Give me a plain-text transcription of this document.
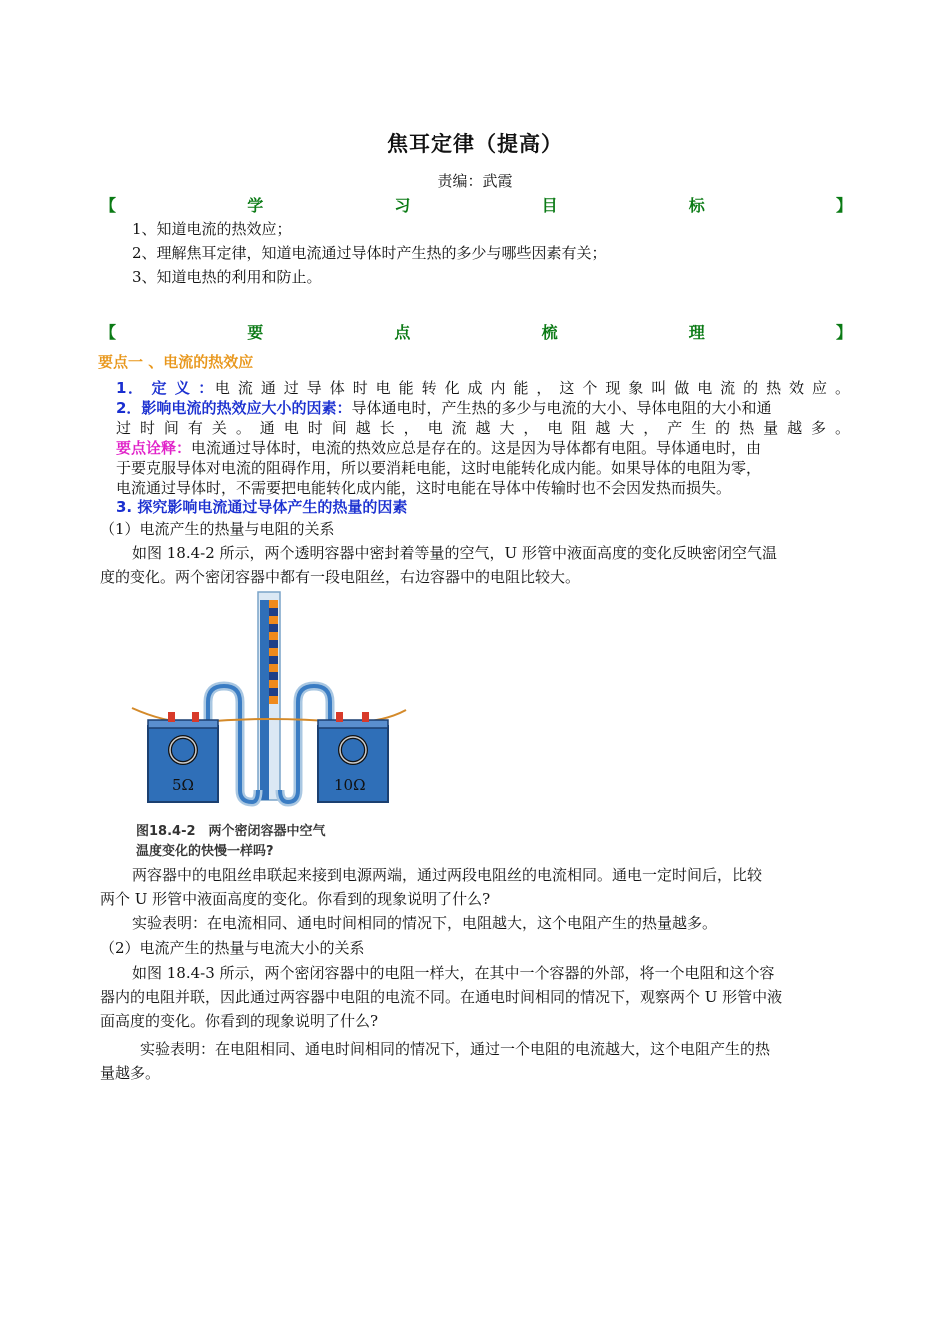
焦耳定律（提高）
责编：武霞
【	学	习	目	标	】
1、知道电流的热效应；
2、理解焦耳定律，知道电流通过导体时产生热的多少与哪些因素有关；
3、知道电热的利用和防止。
【	要	点	梳	理	】
要点一 、电流的热效应
1． 定 义 ：电 流 通 过 导 体 时 电 能 转 化 成 内 能 ， 这 个 现 象 叫 做 电 流 的 热 效 应 。
2．影响电流的热效应大小的因素：导体通电时，产生热的多少与电流的大小、导体电阻的大小和通
过 时 间 有 关 。 通 电 时 间 越 长 ， 电 流 越 大 ， 电 阻 越 大 ， 产 生 的 热 量 越 多 。
要点诠释：电流通过导体时，电流的热效应总是存在的。这是因为导体都有电阻。导体通电时，由
于要克服导体对电流的阻碍作用，所以要消耗电能，这时电能转化成内能。如果导体的电阻为零，
电流通过导体时，不需要把电能转化成内能，这时电能在导体中传输时也不会因发热而损失。
3. 探究影响电流通过导体产生的热量的因素
（1）电流产生的热量与电阻的关系
如图 18.4-2 所示，两个透明容器中密封着等量的空气，U 形管中液面高度的变化反映密闭空气温
度的变化。两个密闭容器中都有一段电阻丝，右边容器中的电阻比较大。
5Ω	10Ω
图18.4-2　两个密闭容器中空气
温度变化的快慢一样吗?
两容器中的电阻丝串联起来接到电源两端，通过两段电阻丝的电流相同。通电一定时间后，比较
两个 U 形管中液面高度的变化。你看到的现象说明了什么?
实验表明：在电流相同、通电时间相同的情况下，电阻越大，这个电阻产生的热量越多。
（2）电流产生的热量与电流大小的关系
如图 18.4-3 所示，两个密闭容器中的电阻一样大，在其中一个容器的外部，将一个电阻和这个容
器内的电阻并联，因此通过两容器中电阻的电流不同。在通电时间相同的情况下，观察两个 U 形管中液
面高度的变化。你看到的现象说明了什么?
实验表明：在电阻相同、通电时间相同的情况下，通过一个电阻的电流越大，这个电阻产生的热
量越多。
